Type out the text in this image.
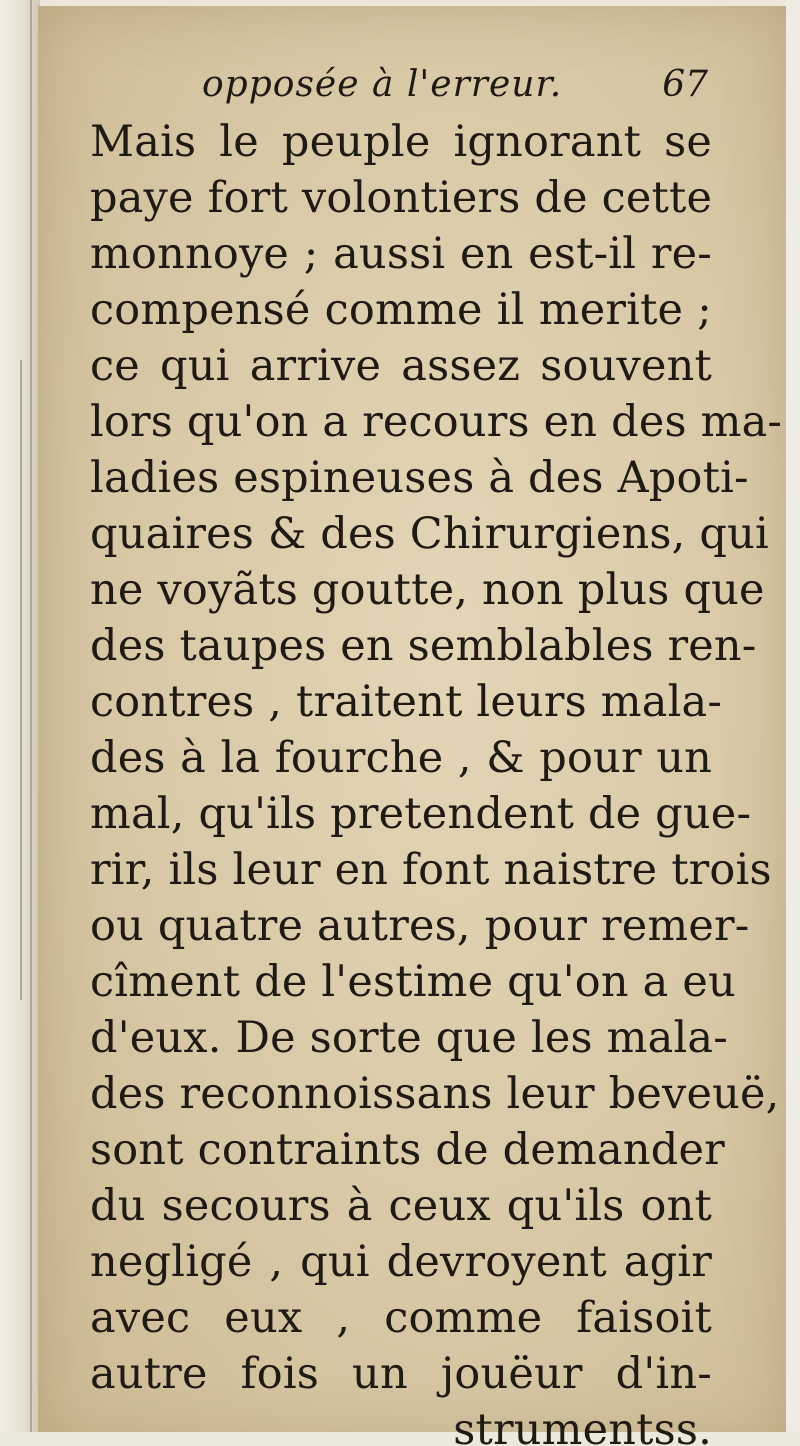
opposée à l'erreur.	67
Mais le peuple ignorant se
paye fort volontiers de cette
monnoye ; aussi en est-il re-
compensé comme il merite ;
ce qui arrive assez souvent
lors qu'on a recours en des ma-
ladies espineuses à des Apoti-
quaires & des Chirurgiens, qui
ne voyãts goutte, non plus que
des taupes en semblables ren-
contres , traitent leurs mala-
des à la fourche , & pour un
mal, qu'ils pretendent de gue-
rir, ils leur en font naistre trois
ou quatre autres, pour remer-
cîment de l'estime qu'on a eu
d'eux. De sorte que les mala-
des reconnoissans leur beveuë,
sont contraints de demander
du secours à ceux qu'ils ont
negligé , qui devroyent agir
avec eux , comme faisoit
autre fois un jouëur d'in-
strumentss.
